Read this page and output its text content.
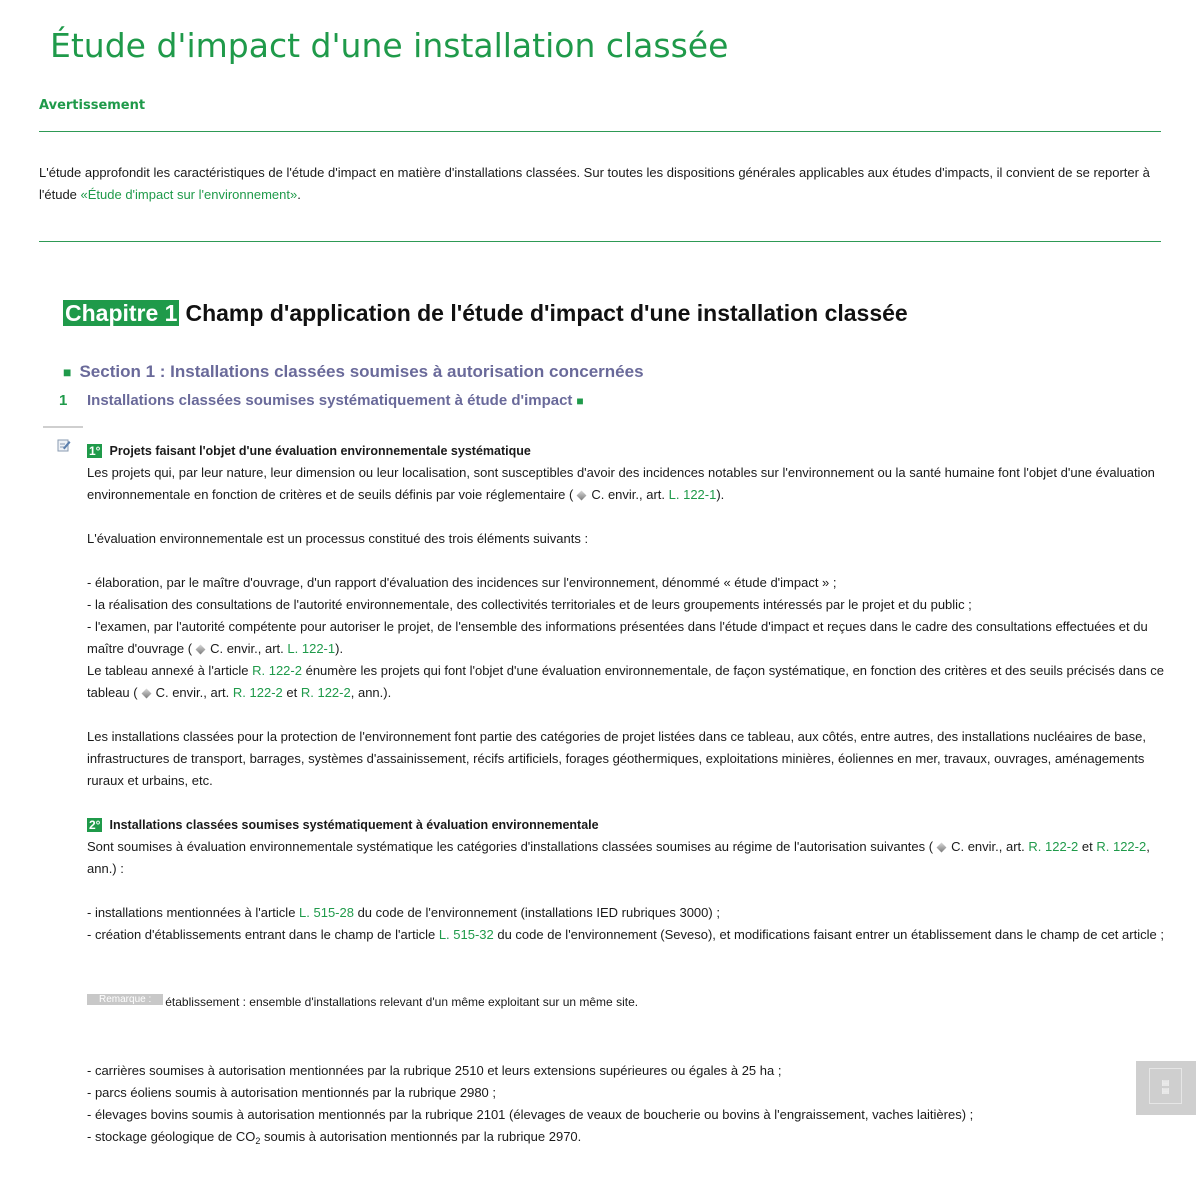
Étude d'impact d'une installation classée
Avertissement
L'étude approfondit les caractéristiques de l'étude d'impact en matière d'installations classées. Sur toutes les dispositions générales applicables aux études d'impacts, il convient de se reporter à l'étude «Étude d'impact sur l'environnement».
Chapitre 1 Champ d'application de l'étude d'impact d'une installation classée
■ Section 1 : Installations classées soumises à autorisation concernées
1 Installations classées soumises systématiquement à étude d'impact ■
1° Projets faisant l'objet d'une évaluation environnementale systématique
Les projets qui, par leur nature, leur dimension ou leur localisation, sont susceptibles d'avoir des incidences notables sur l'environnement ou la santé humaine font l'objet d'une évaluation environnementale en fonction de critères et de seuils définis par voie réglementaire ( C. envir., art. L. 122-1).
L'évaluation environnementale est un processus constitué des trois éléments suivants :
- élaboration, par le maître d'ouvrage, d'un rapport d'évaluation des incidences sur l'environnement, dénommé « étude d'impact » ;
- la réalisation des consultations de l'autorité environnementale, des collectivités territoriales et de leurs groupements intéressés par le projet et du public ;
- l'examen, par l'autorité compétente pour autoriser le projet, de l'ensemble des informations présentées dans l'étude d'impact et reçues dans le cadre des consultations effectuées et du maître d'ouvrage ( C. envir., art. L. 122-1).
Le tableau annexé à l'article R. 122-2 énumère les projets qui font l'objet d'une évaluation environnementale, de façon systématique, en fonction des critères et des seuils précisés dans ce tableau ( C. envir., art. R. 122-2 et R. 122-2, ann.).
Les installations classées pour la protection de l'environnement font partie des catégories de projet listées dans ce tableau, aux côtés, entre autres, des installations nucléaires de base, infrastructures de transport, barrages, systèmes d'assainissement, récifs artificiels, forages géothermiques, exploitations minières, éoliennes en mer, travaux, ouvrages, aménagements ruraux et urbains, etc.
2° Installations classées soumises systématiquement à évaluation environnementale
Sont soumises à évaluation environnementale systématique les catégories d'installations classées soumises au régime de l'autorisation suivantes ( C. envir., art. R. 122-2 et R. 122-2, ann.) :
- installations mentionnées à l'article L. 515-28 du code de l'environnement (installations IED rubriques 3000) ;
- création d'établissements entrant dans le champ de l'article L. 515-32 du code de l'environnement (Seveso), et modifications faisant entrer un établissement dans le champ de cet article ;
Remarque : établissement : ensemble d'installations relevant d'un même exploitant sur un même site.
- carrières soumises à autorisation mentionnées par la rubrique 2510 et leurs extensions supérieures ou égales à 25 ha ;
- parcs éoliens soumis à autorisation mentionnés par la rubrique 2980 ;
- élevages bovins soumis à autorisation mentionnés par la rubrique 2101 (élevages de veaux de boucherie ou bovins à l'engraissement, vaches laitières) ;
- stockage géologique de $CO_2$ soumis à autorisation mentionnés par la rubrique 2970.
▤
▤
